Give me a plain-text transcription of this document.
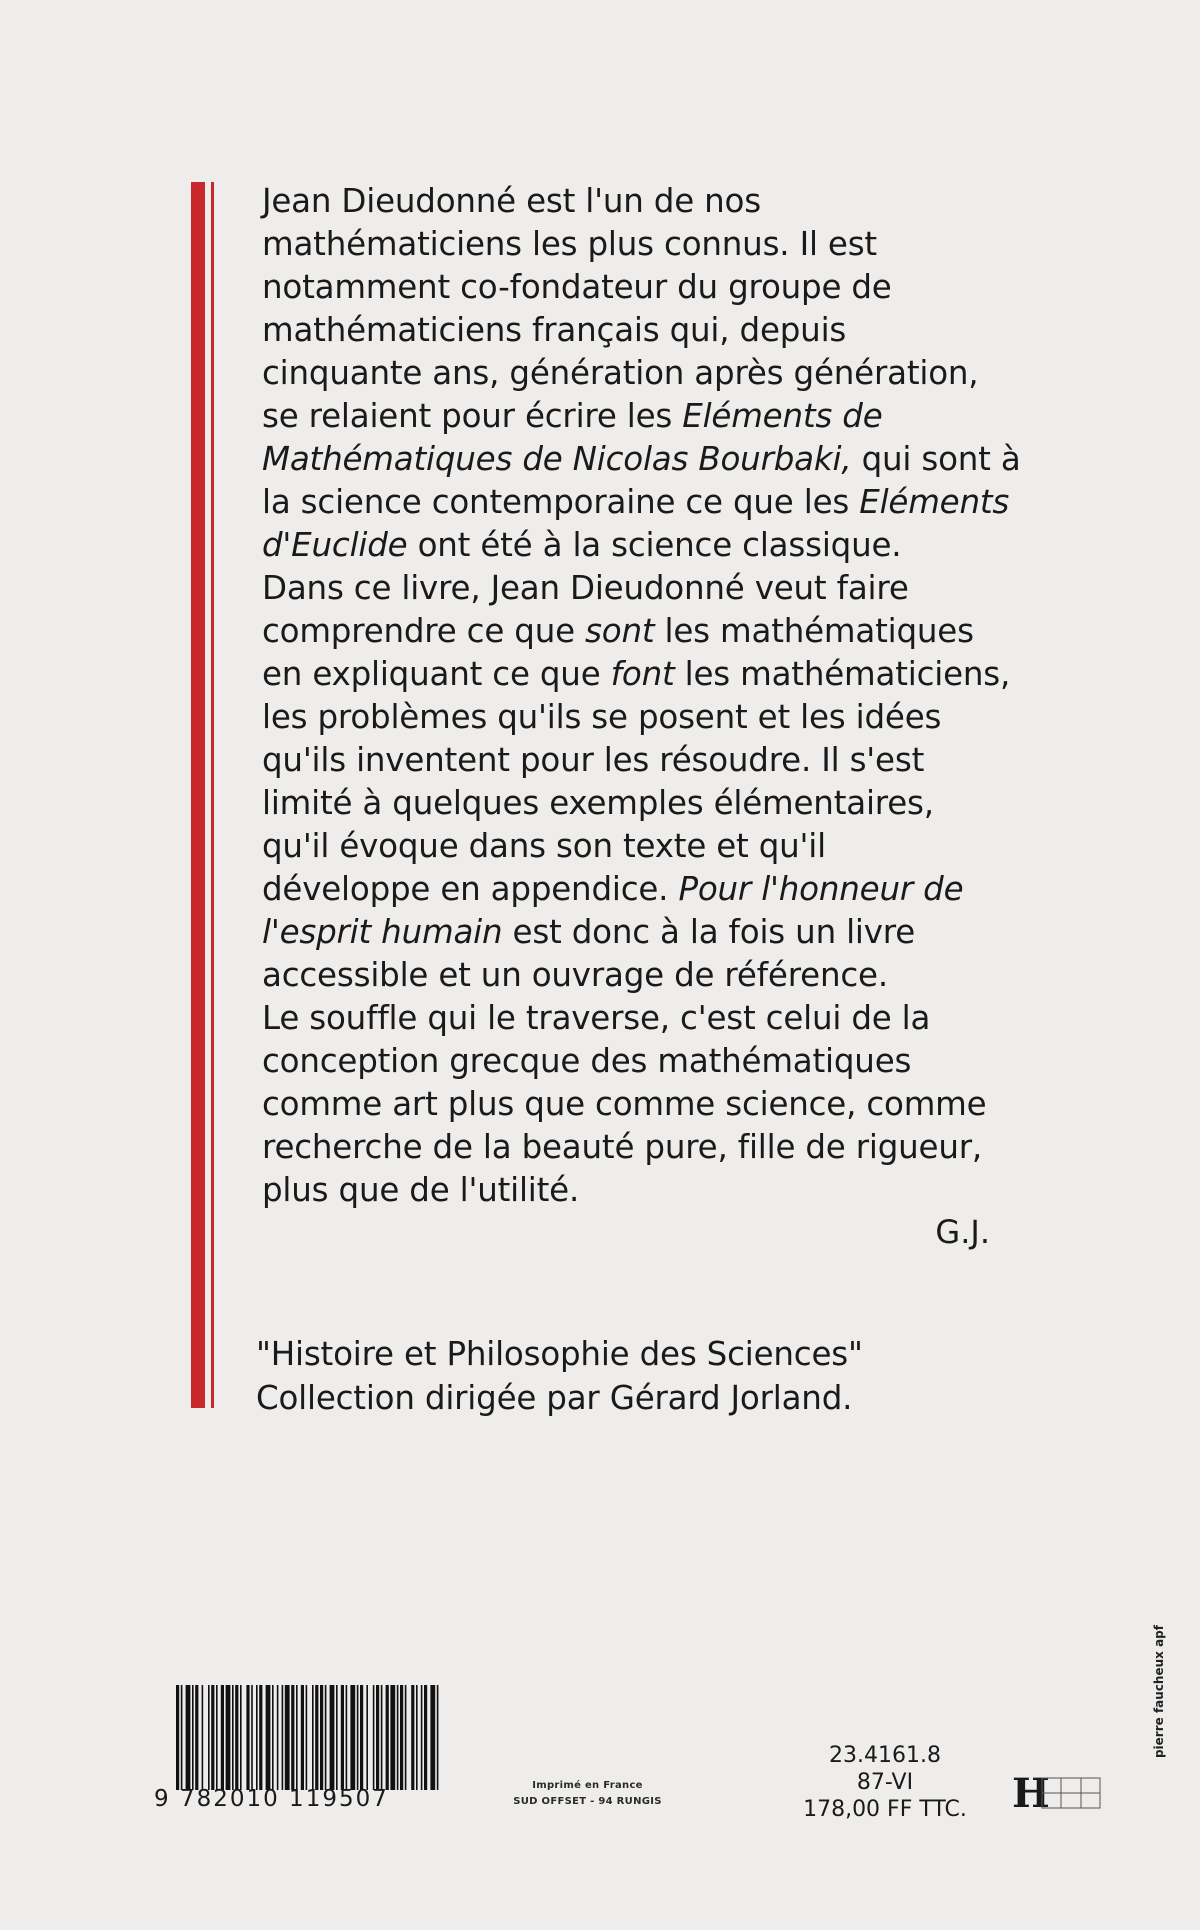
Jean Dieudonné est l'un de nos
mathématiciens les plus connus. Il est
notamment co-fondateur du groupe de
mathématiciens français qui, depuis
cinquante ans, génération après génération,
se relaient pour écrire les Eléments de
Mathématiques de Nicolas Bourbaki, qui sont à
la science contemporaine ce que les Eléments
d'Euclide ont été à la science classique.
Dans ce livre, Jean Dieudonné veut faire
comprendre ce que sont les mathématiques
en expliquant ce que font les mathématiciens,
les problèmes qu'ils se posent et les idées
qu'ils inventent pour les résoudre. Il s'est
limité à quelques exemples élémentaires,
qu'il évoque dans son texte et qu'il
développe en appendice. Pour l'honneur de
l'esprit humain est donc à la fois un livre
accessible et un ouvrage de référence.
Le souffle qui le traverse, c'est celui de la
conception grecque des mathématiques
comme art plus que comme science, comme
recherche de la beauté pure, fille de rigueur,
plus que de l'utilité.
G.J.
"Histoire et Philosophie des Sciences"
Collection dirigée par Gérard Jorland.
pierre faucheux apf
9 782010 119507
Imprimé en France
SUD OFFSET - 94 RUNGIS
23.4161.8
87-VI
178,00 FF TTC.	H
